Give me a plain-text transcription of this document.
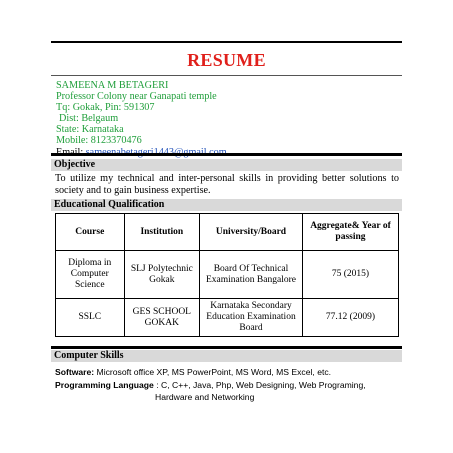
RESUME
SAMEENA M BETAGERI
Professor Colony near Ganapati temple
Tq: Gokak, Pin: 591307
Dist: Belgaum
State: Karnataka
Mobile: 8123370476
Objective
To utilize my technical and inter-personal skills in providing better solutions to society and to gain business expertise.
Educational Qualification
Course	Institution	University/Board	Aggregate& Year of passing
Diploma in Computer Science	SLJ Polytechnic Gokak	Board Of Technical Examination Bangalore	75 (2015)
SSLC	GES SCHOOL GOKAK	Karnataka Secondary Education Examination Board	77.12 (2009)
Computer Skills
Software: Microsoft office XP, MS PowerPoint, MS Word, MS Excel, etc.
Programming Language : C, C++, Java, Php, Web Designing, Web Programing,
Hardware and Networking
